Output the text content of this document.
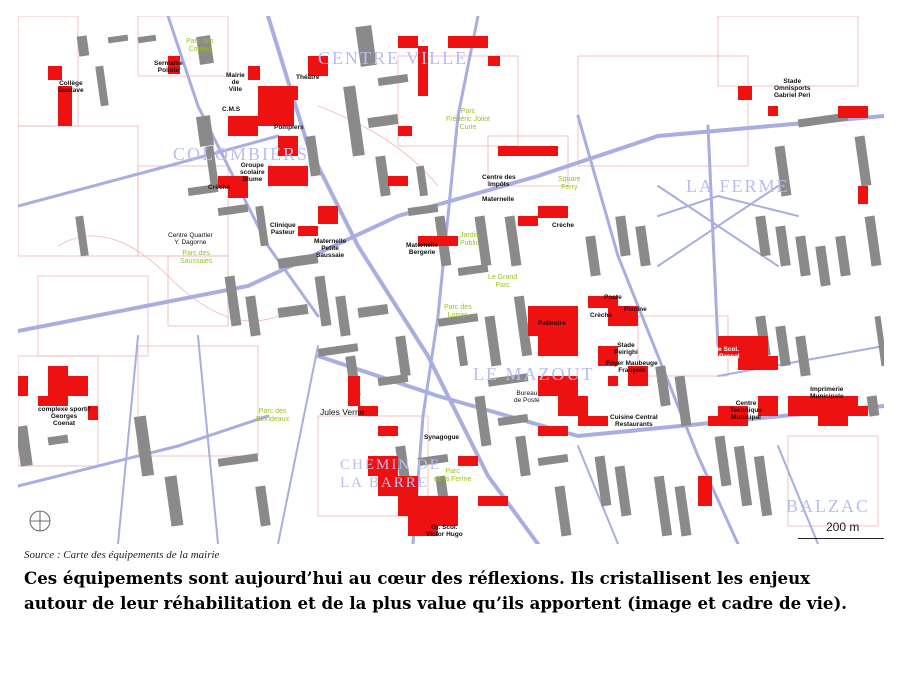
CENTRE VILLE
COLOMBIERS
LA FERME
LE MAZOUT
CHEMIN DE LA BARRE
BALZAC
Parc des
Coteau
Parc
Frédéric Joliot
Curie
Parc des
Saussaies
Parc des
Blondeaux
Jardin
Public
Square
Ferry
Parc des
Loisirs
Le Grand
Parc
Parc
de la Ferme
Collège
Gustave
Sermaise
Poliste
Mairie
de
Ville
C.M.S
Pompiers
Groupe
scolaire
Blume
Crèche
Clinique
Pasteur
Centre Quartier
Y. Dagorne	Maternelle
Petite
Saussaie
Théâtre
Centre des
Impôts
Maternelle
Maternelle
Bergerie
Crèche
Poste
Piscine
Crèche
Patinoire
Stade
Peirighi
Foyer Maubeuge
François
Groupe Scol.
Blaise Pascal
Stade
Omnisports
Gabriel Peri
Centre
Technique
Municipal
Imprimerie
Municipale
complexe sportif
Georges
Coenat
Jules Verne
Synagogue
Gr. Scol.
Victor Hugo
Cuisine Central
Restaurants
Bureau
de Poste
200 m
Source : Carte des équipements de la mairie
Ces équipements sont aujourd’hui au cœur des réflexions. Ils cristallisent les enjeux autour de leur réhabilitation et de la plus value qu’ils apportent (image et cadre de vie).
